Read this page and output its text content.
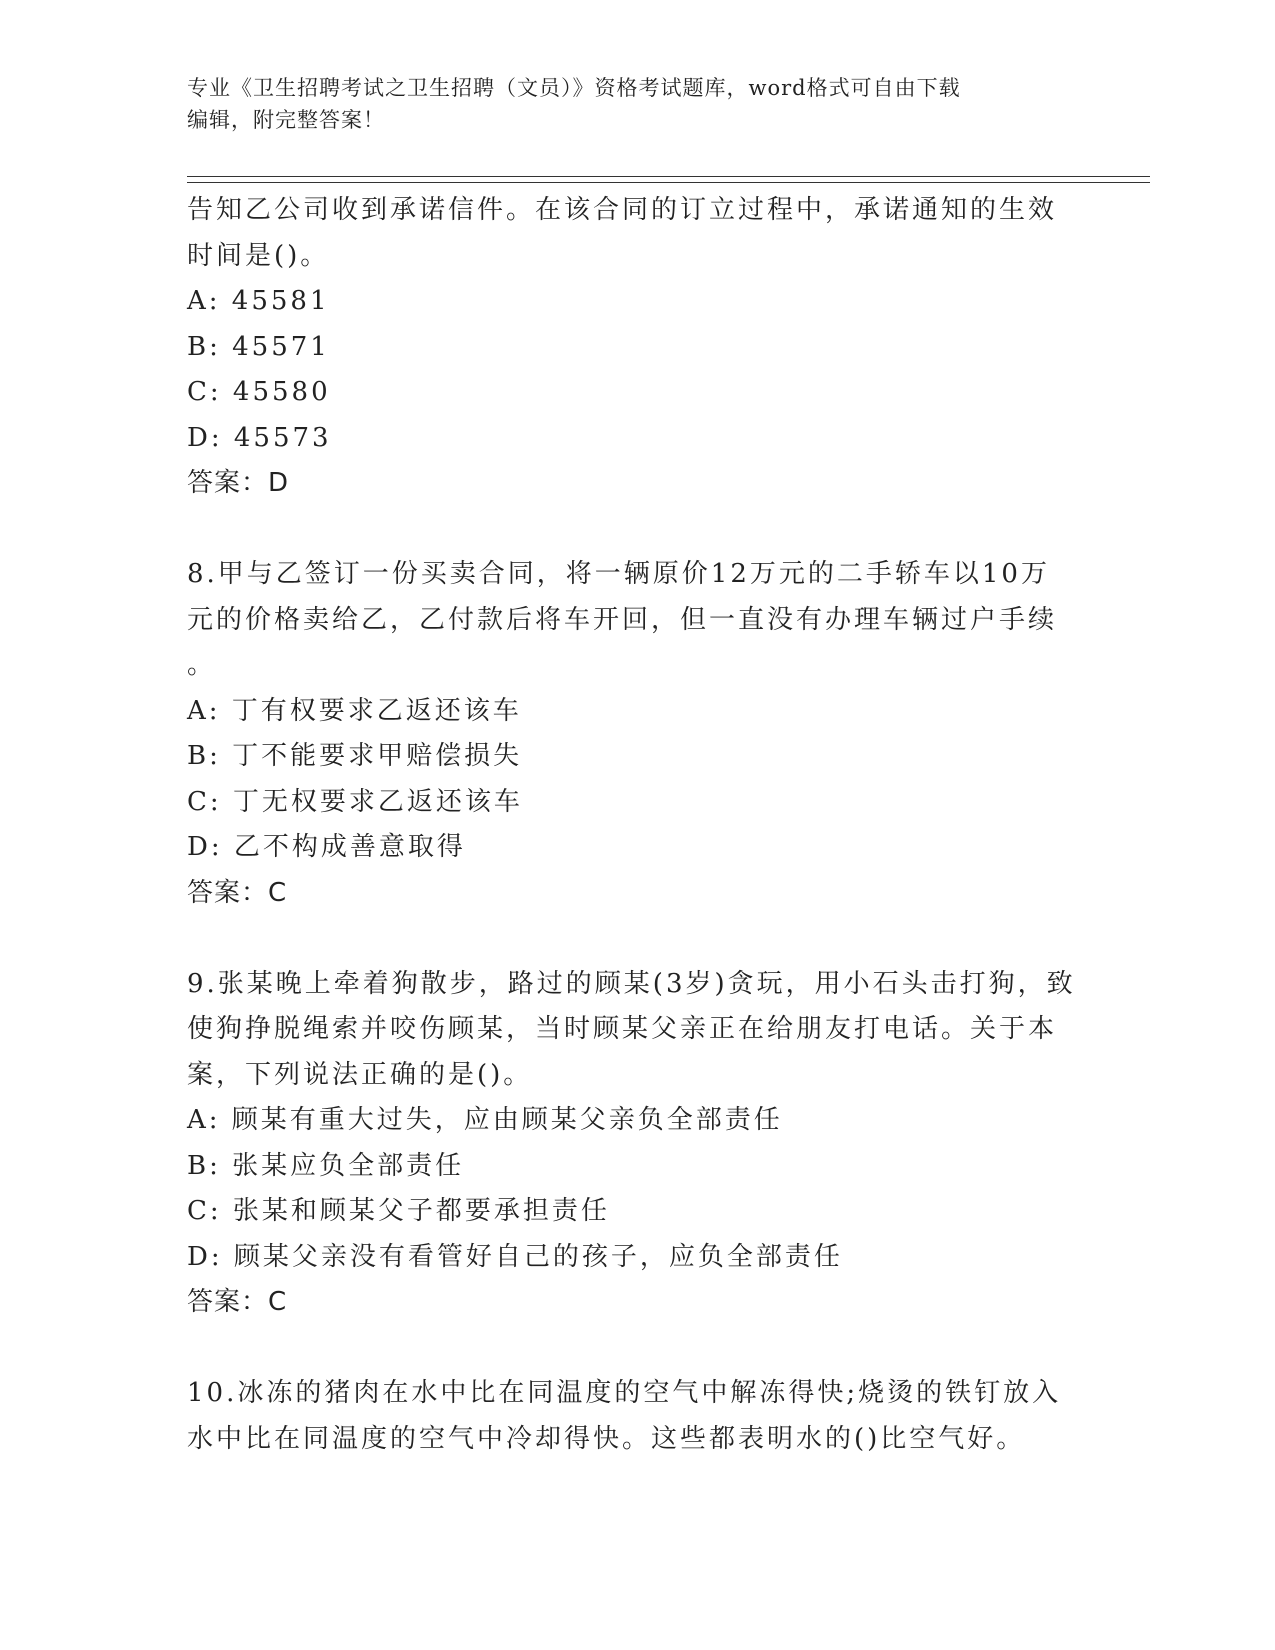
专业《卫生招聘考试之卫生招聘（文员）》资格考试题库，word格式可自由下载
编辑，附完整答案！
告知乙公司收到承诺信件。在该合同的订立过程中，承诺通知的生效
时间是()。
A: 45581
B: 45571
C: 45580
D: 45573
答案：D
8.甲与乙签订一份买卖合同，将一辆原价12万元的二手轿车以10万
元的价格卖给乙，乙付款后将车开回，但一直没有办理车辆过户手续
。
A: 丁有权要求乙返还该车
B: 丁不能要求甲赔偿损失
C: 丁无权要求乙返还该车
D: 乙不构成善意取得
答案：C
9.张某晚上牵着狗散步，路过的顾某(3岁)贪玩，用小石头击打狗，致
使狗挣脱绳索并咬伤顾某，当时顾某父亲正在给朋友打电话。关于本
案，下列说法正确的是()。
A: 顾某有重大过失，应由顾某父亲负全部责任
B: 张某应负全部责任
C: 张某和顾某父子都要承担责任
D: 顾某父亲没有看管好自己的孩子，应负全部责任
答案：C
10.冰冻的猪肉在水中比在同温度的空气中解冻得快;烧烫的铁钉放入
水中比在同温度的空气中冷却得快。这些都表明水的()比空气好。
